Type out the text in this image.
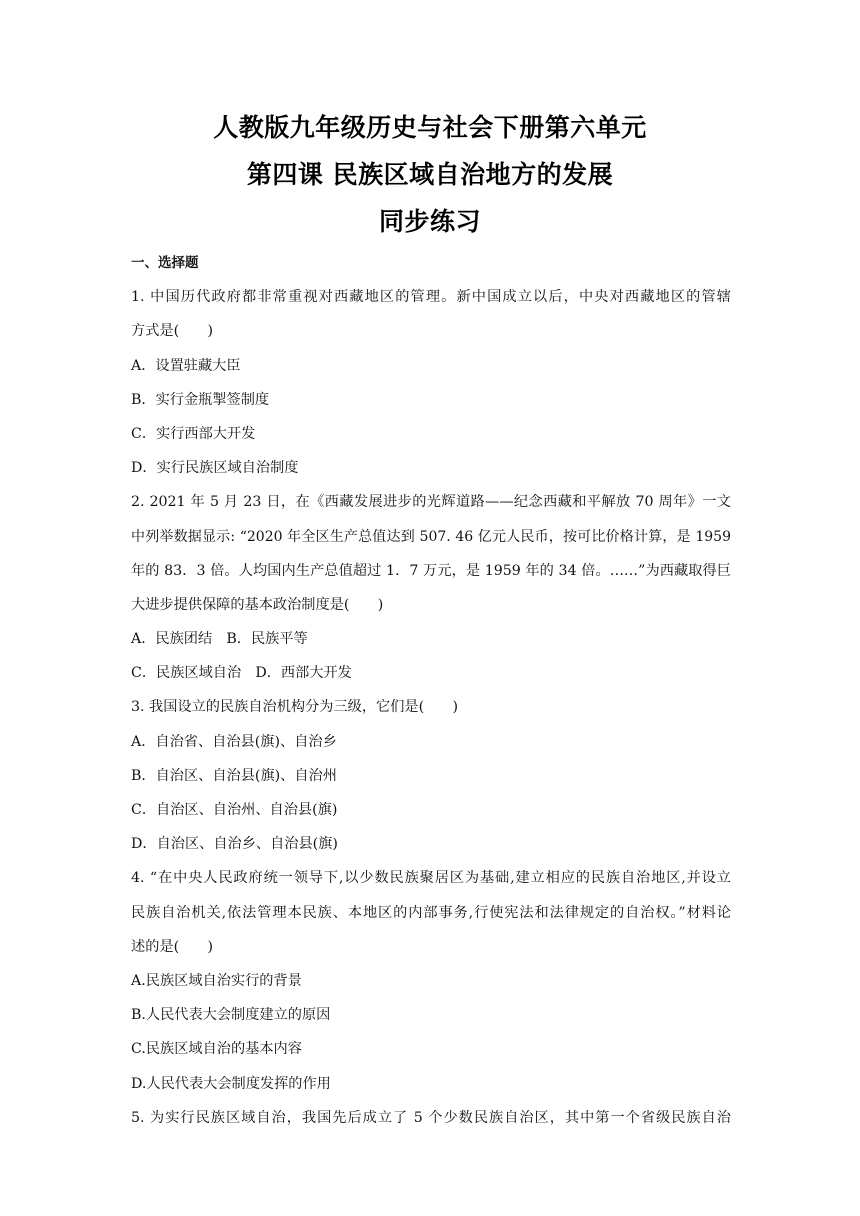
人教版九年级历史与社会下册第六单元
第四课 民族区域自治地方的发展
同步练习
一、选择题
1. 中国历代政府都非常重视对西藏地区的管理。新中国成立以后，中央对西藏地区的管辖
方式是(　　)
A．设置驻藏大臣
B．实行金瓶掣签制度
C．实行西部大开发
D．实行民族区域自治制度
2. 2021 年 5 月 23 日，在《西藏发展进步的光辉道路——纪念西藏和平解放 70 周年》一文
中列举数据显示: “2020 年全区生产总值达到 507. 46 亿元人民币，按可比价格计算，是 1959
年的 83．3 倍。人均国内生产总值超过 1．7 万元，是 1959 年的 34 倍。……”为西藏取得巨
大进步提供保障的基本政治制度是(　　)
A．民族团结　B．民族平等
C．民族区域自治　D．西部大开发
3. 我国设立的民族自治机构分为三级，它们是(　　)
A．自治省、自治县(旗)、自治乡
B．自治区、自治县(旗)、自治州
C．自治区、自治州、自治县(旗)
D．自治区、自治乡、自治县(旗)
4. “在中央人民政府统一领导下,以少数民族聚居区为基础,建立相应的民族自治地区,并设立
民族自治机关,依法管理本民族、本地区的内部事务,行使宪法和法律规定的自治权。”材料论
述的是(　　)
A.民族区域自治实行的背景
B.人民代表大会制度建立的原因
C.民族区域自治的基本内容
D.人民代表大会制度发挥的作用
5. 为实行民族区域自治，我国先后成立了 5 个少数民族自治区，其中第一个省级民族自治
